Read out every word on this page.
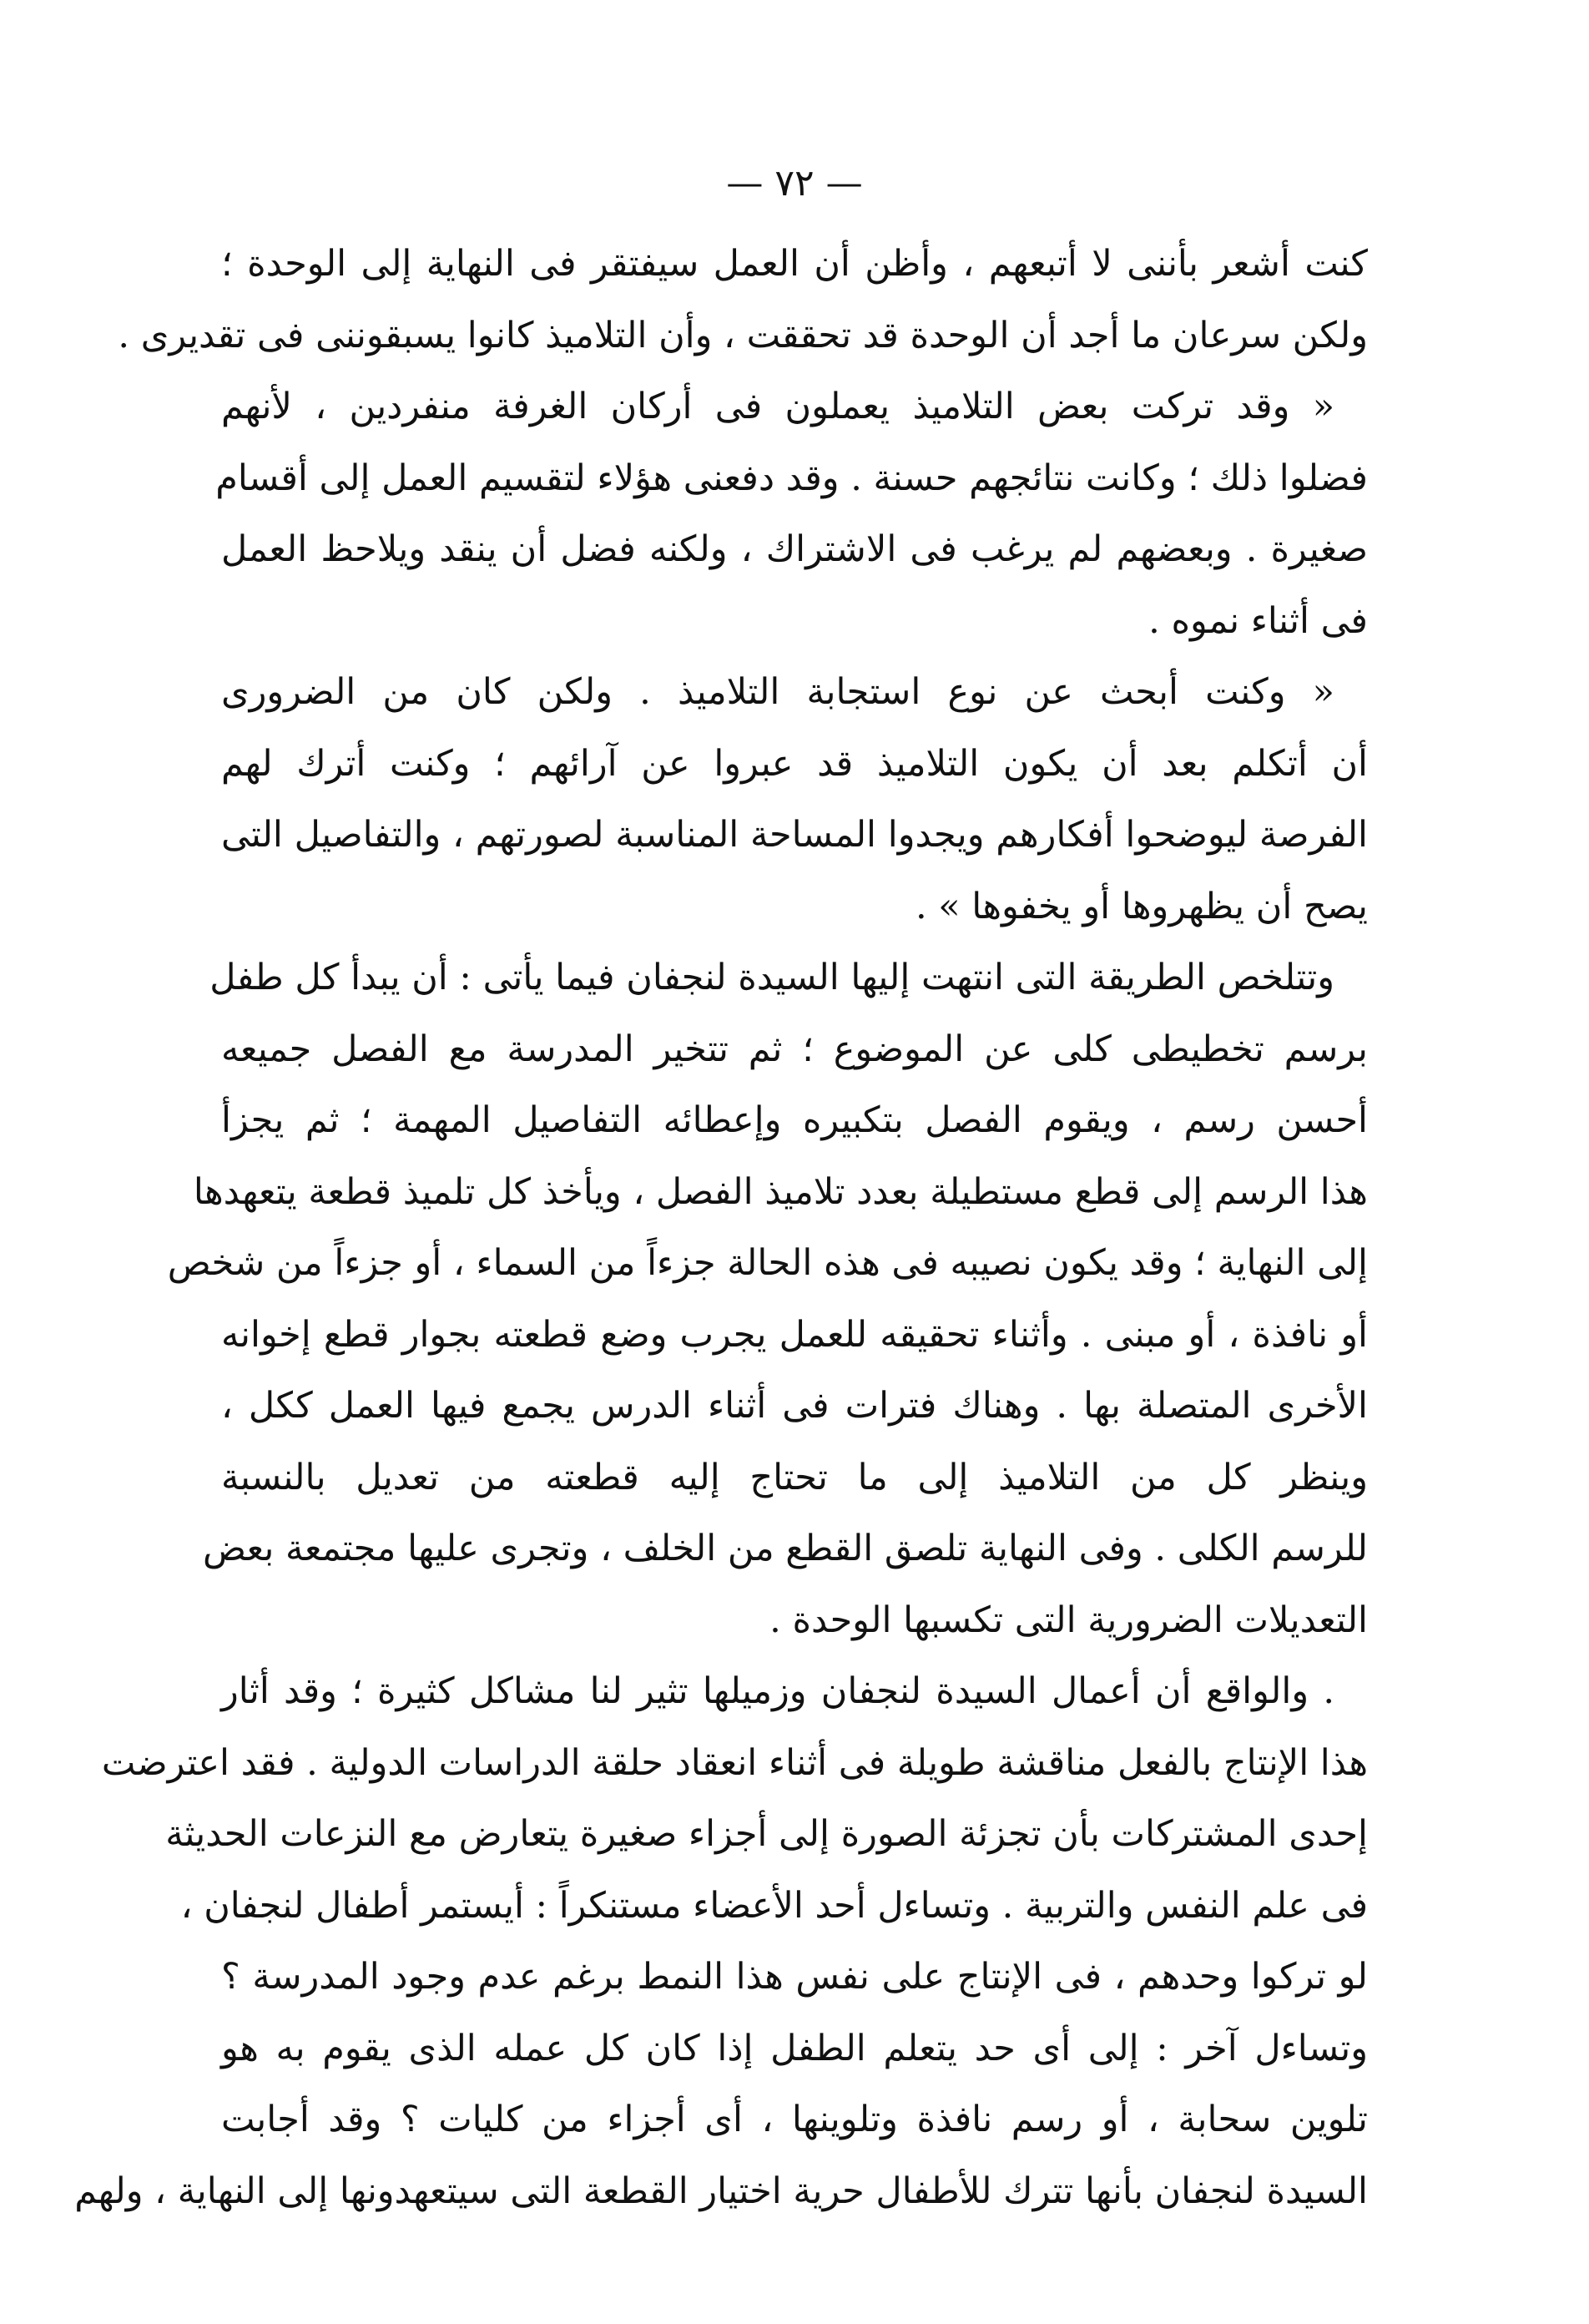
— ٧٢ —
كنت أشعر بأننى لا أتبعهم ، وأظن أن العمل سيفتقر فى النهاية إلى الوحدة ؛
ولكن سرعان ما أجد أن الوحدة قد تحققت ، وأن التلاميذ كانوا يسبقوننى فى تقديرى .
« وقد تركت بعض التلاميذ يعملون فى أركان الغرفة منفردين ، لأنهم
فضلوا ذلك ؛ وكانت نتائجهم حسنة . وقد دفعنى هؤلاء لتقسيم العمل إلى أقسام
صغيرة . وبعضهم لم يرغب فى الاشتراك ، ولكنه فضل أن ينقد ويلاحظ العمل
فى أثناء نموه .
« وكنت أبحث عن نوع استجابة التلاميذ . ولكن كان من الضرورى
أن أتكلم بعد أن يكون التلاميذ قد عبروا عن آرائهم ؛ وكنت أترك لهم
الفرصة ليوضحوا أفكارهم ويجدوا المساحة المناسبة لصورتهم ، والتفاصيل التى
يصح أن يظهروها أو يخفوها » .
وتتلخص الطريقة التى انتهت إليها السيدة لنجفان فيما يأتى : أن يبدأ كل طفل
برسم تخطيطى كلى عن الموضوع ؛ ثم تتخير المدرسة مع الفصل جميعه
أحسن رسم ، ويقوم الفصل بتكبيره وإعطائه التفاصيل المهمة ؛ ثم يجزأ
هذا الرسم إلى قطع مستطيلة بعدد تلاميذ الفصل ، ويأخذ كل تلميذ قطعة يتعهدها
إلى النهاية ؛ وقد يكون نصيبه فى هذه الحالة جزءاً من السماء ، أو جزءاً من شخص
أو نافذة ، أو مبنى . وأثناء تحقيقه للعمل يجرب وضع قطعته بجوار قطع إخوانه
الأخرى المتصلة بها . وهناك فترات فى أثناء الدرس يجمع فيها العمل ككل ،
وينظر كل من التلاميذ إلى ما تحتاج إليه قطعته من تعديل بالنسبة
للرسم الكلى . وفى النهاية تلصق القطع من الخلف ، وتجرى عليها مجتمعة بعض
التعديلات الضرورية التى تكسبها الوحدة .
. والواقع أن أعمال السيدة لنجفان وزميلها تثير لنا مشاكل كثيرة ؛ وقد أثار
هذا الإنتاج بالفعل مناقشة طويلة فى أثناء انعقاد حلقة الدراسات الدولية . فقد اعترضت
إحدى المشتركات بأن تجزئة الصورة إلى أجزاء صغيرة يتعارض مع النزعات الحديثة
فى علم النفس والتربية . وتساءل أحد الأعضاء مستنكراً : أيستمر أطفال لنجفان ،
لو تركوا وحدهم ، فى الإنتاج على نفس هذا النمط برغم عدم وجود المدرسة ؟
وتساءل آخر : إلى أى حد يتعلم الطفل إذا كان كل عمله الذى يقوم به هو
تلوين سحابة ، أو رسم نافذة وتلوينها ، أى أجزاء من كليات ؟ وقد أجابت
السيدة لنجفان بأنها تترك للأطفال حرية اختيار القطعة التى سيتعهدونها إلى النهاية ، ولهم
